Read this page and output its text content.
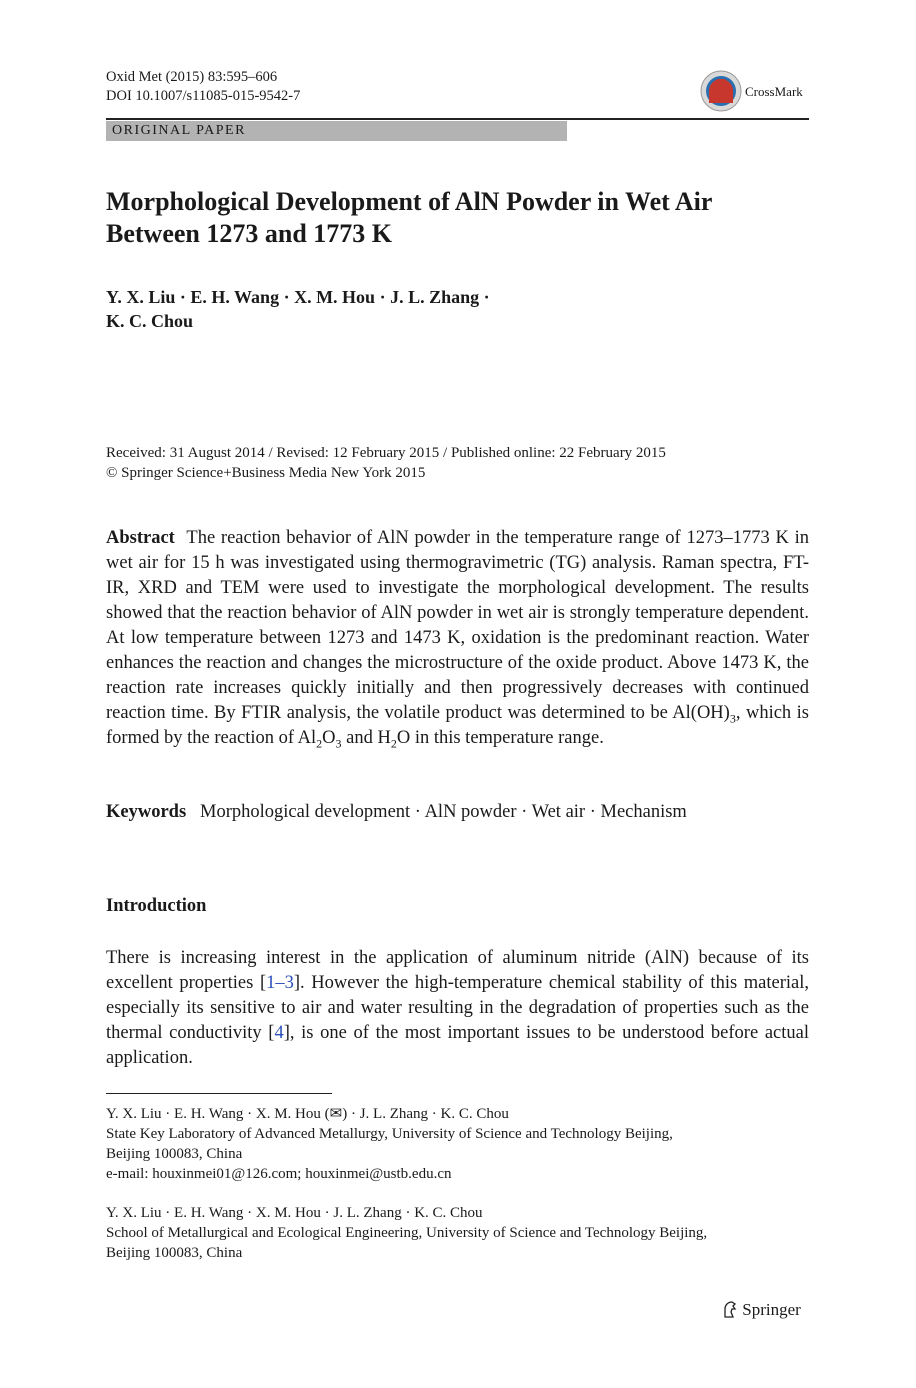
Oxid Met (2015) 83:595–606
DOI 10.1007/s11085-015-9542-7	CrossMark
ORIGINAL PAPER
Morphological Development of AlN Powder in Wet Air
Between 1273 and 1773 K
Y. X. Liu · E. H. Wang · X. M. Hou · J. L. Zhang ·
K. C. Chou
Received: 31 August 2014 / Revised: 12 February 2015 / Published online: 22 February 2015
© Springer Science+Business Media New York 2015
Abstract The reaction behavior of AlN powder in the temperature range of 1273–1773 K in wet air for 15 h was investigated using thermogravimetric (TG) analysis. Raman spectra, FT-IR, XRD and TEM were used to investigate the morphological development. The results showed that the reaction behavior of AlN powder in wet air is strongly temperature dependent. At low temperature between 1273 and 1473 K, oxidation is the predominant reaction. Water enhances the reaction and changes the microstructure of the oxide product. Above 1473 K, the reaction rate increases quickly initially and then progressively decreases with continued reaction time. By FTIR analysis, the volatile product was determined to be $Al(OH)_3$, which is formed by the reaction of $Al_2O_3$ and $H_2O$ in this temperature range.
Keywords Morphological development · AlN powder · Wet air · Mechanism
Introduction
There is increasing interest in the application of aluminum nitride (AlN) because of its excellent properties [1–3]. However the high-temperature chemical stability of this material, especially its sensitive to air and water resulting in the degradation of properties such as the thermal conductivity [4], is one of the most important issues to be understood before actual application.
Y. X. Liu · E. H. Wang · X. M. Hou (✉) · J. L. Zhang · K. C. Chou
State Key Laboratory of Advanced Metallurgy, University of Science and Technology Beijing,
Beijing 100083, China
e-mail: houxinmei01@126.com; houxinmei@ustb.edu.cn
Y. X. Liu · E. H. Wang · X. M. Hou · J. L. Zhang · K. C. Chou
School of Metallurgical and Ecological Engineering, University of Science and Technology Beijing,
Beijing 100083, China
Springer
